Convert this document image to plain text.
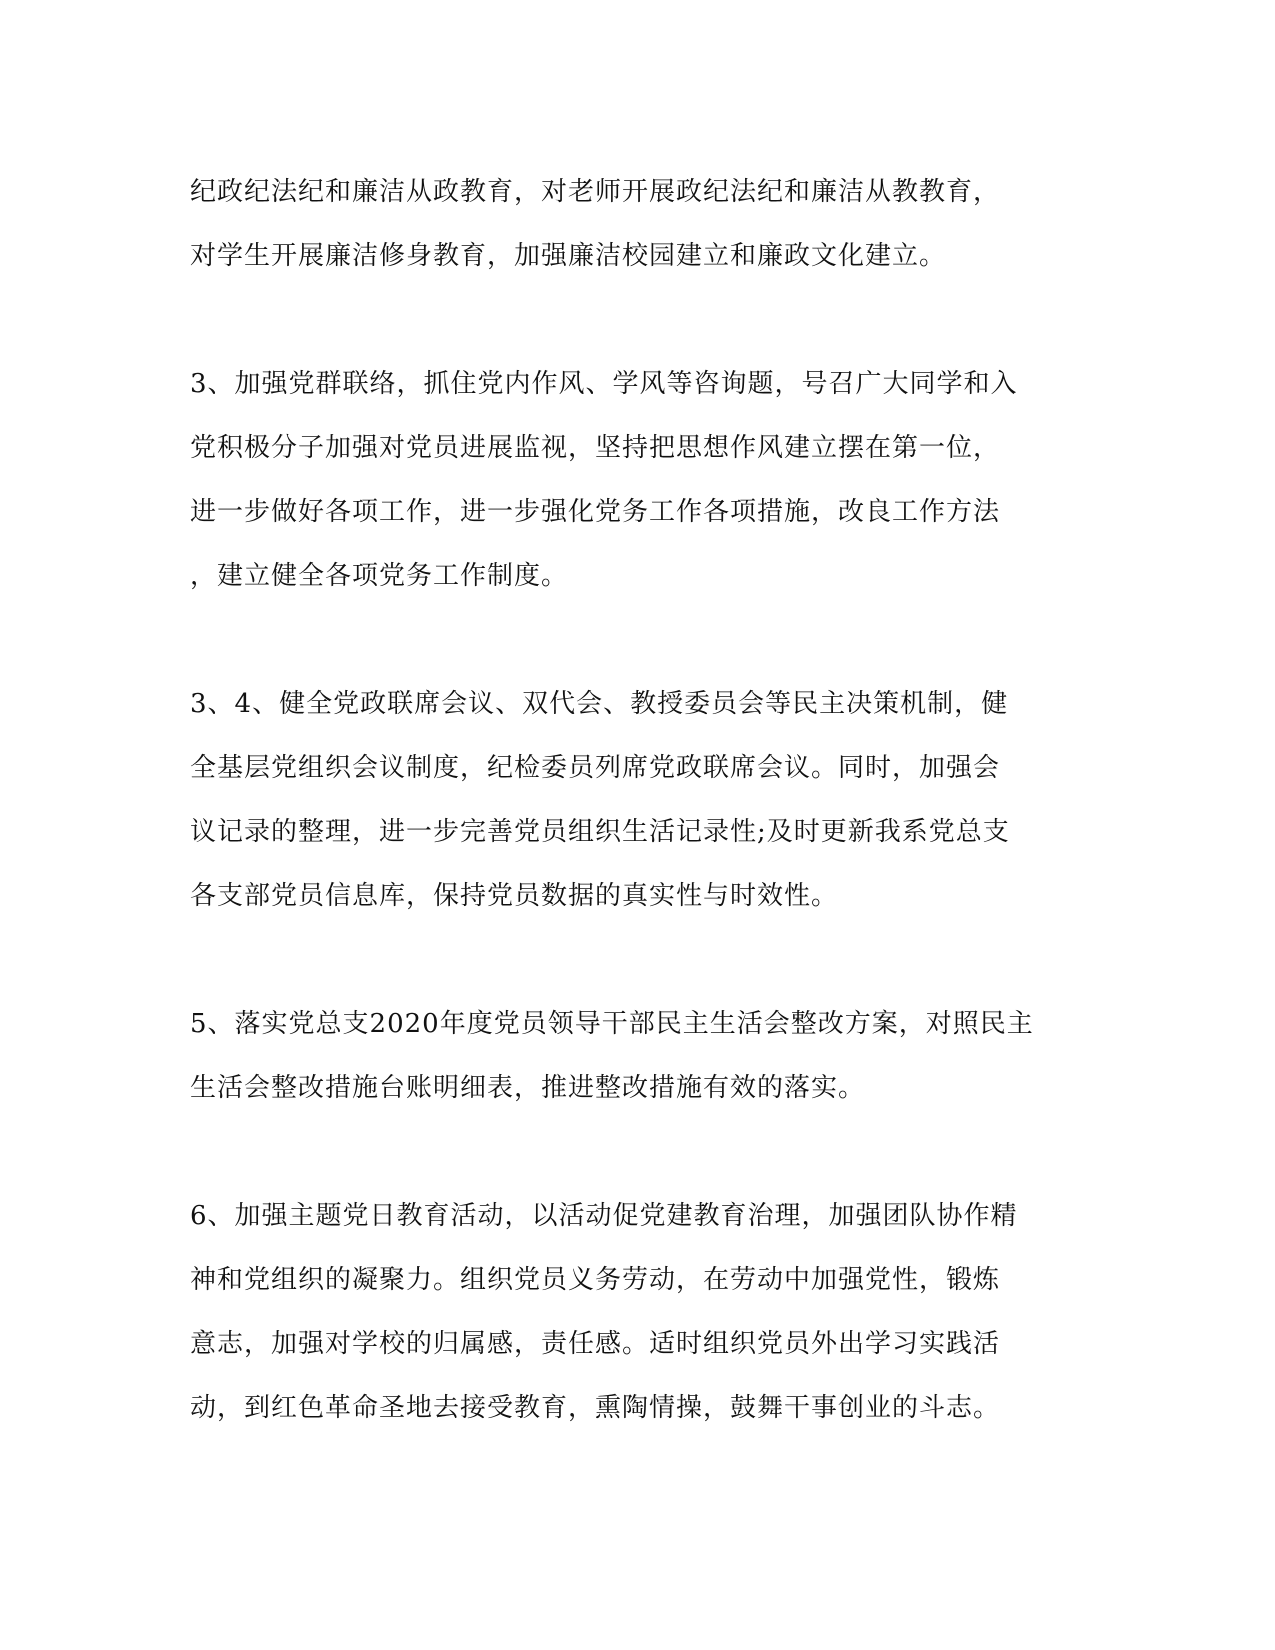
纪政纪法纪和廉洁从政教育，对老师开展政纪法纪和廉洁从教教育，
对学生开展廉洁修身教育，加强廉洁校园建立和廉政文化建立。

3、加强党群联络，抓住党内作风、学风等咨询题，号召广大同学和入
党积极分子加强对党员进展监视，坚持把思想作风建立摆在第一位，
进一步做好各项工作，进一步强化党务工作各项措施，改良工作方法
，建立健全各项党务工作制度。

3、4、健全党政联席会议、双代会、教授委员会等民主决策机制，健
全基层党组织会议制度，纪检委员列席党政联席会议。同时，加强会
议记录的整理，进一步完善党员组织生活记录性;及时更新我系党总支
各支部党员信息库，保持党员数据的真实性与时效性。

5、落实党总支2020年度党员领导干部民主生活会整改方案，对照民主
生活会整改措施台账明细表，推进整改措施有效的落实。

6、加强主题党日教育活动，以活动促党建教育治理，加强团队协作精
神和党组织的凝聚力。组织党员义务劳动，在劳动中加强党性，锻炼
意志，加强对学校的归属感，责任感。适时组织党员外出学习实践活
动，到红色革命圣地去接受教育，熏陶情操，鼓舞干事创业的斗志。
